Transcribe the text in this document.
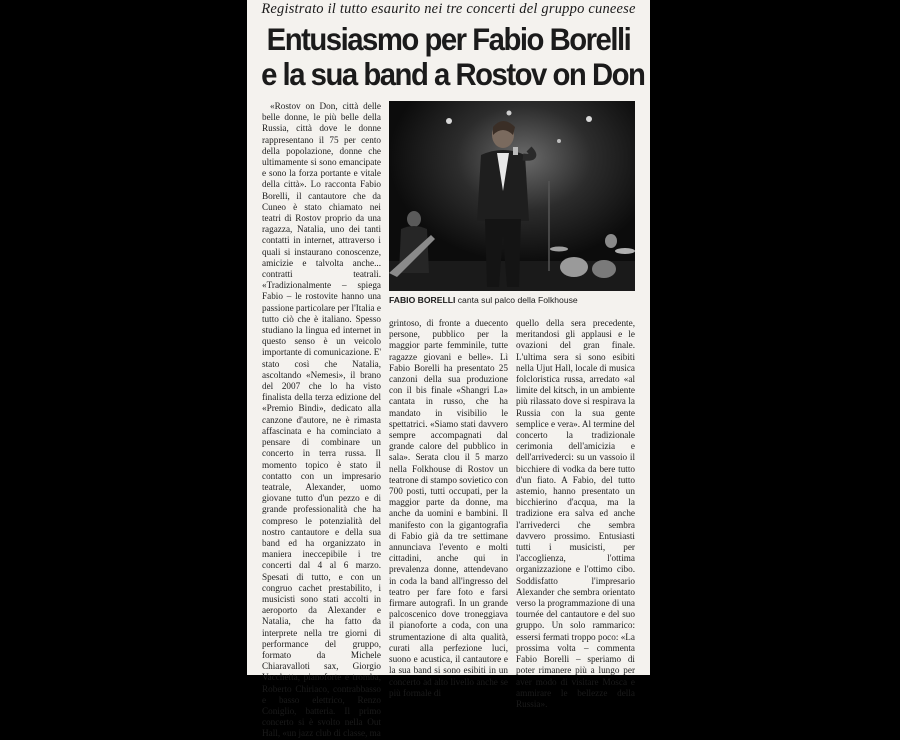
Registrato il tutto esaurito nei tre concerti del gruppo cuneese
Entusiasmo per Fabio Borelli
e la sua band a Rostov on Don

«Rostov on Don, città delle belle donne, le più belle della Russia, città dove le donne rappresentano il 75 per cento della popolazione, donne che ultimamente si sono emancipate e sono la forza portante e vitale della città». Lo racconta Fabio Borelli, il cantautore che da Cuneo è stato chiamato nei teatri di Rostov proprio da una ragazza, Natalia, uno dei tanti contatti in internet, attraverso i quali si instaurano conoscenze, amicizie e talvolta anche... contratti teatrali. «Tradizionalmente – spiega Fabio – le rostovite hanno una passione particolare per l'Italia e tutto ciò che è italiano. Spesso studiano la lingua ed internet in questo senso è un veicolo importante di comunicazione. E' stato così che Natalia, ascoltando «Nemesi», il brano del 2007 che lo ha visto finalista della terza edizione del «Premio Bindi», dedicato alla canzone d'autore, ne è rimasta affascinata e ha cominciato a pensare di combinare un concerto in terra russa. Il momento topico è stato il contatto con un impresario teatrale, Alexander, uomo giovane tutto d'un pezzo e di grande professionalità che ha compreso le potenzialità del nostro cantautore e della sua band ed ha organizzato in maniera ineccepibile i tre concerti dal 4 al 6 marzo. Spesati di tutto, e con un congruo cachet prestabilito, i musicisti sono stati accolti in aeroporto da Alexander e Natalia, che ha fatto da interprete nella tre giorni di performance del gruppo, formato da Michele Chiaravalloti sax, Giorgio Vacchetta, pianoforte e tromba, Roberto Chiriaco, contrabbasso e basso elettrico, Renzo Coniglio, batteria. Il primo concerto si è svolto nella Out Hall, «un jazz club di classe, ma

FABIO BORELLI canta sul palco della Folkhouse

grintoso, di fronte a duecento persone, pubblico per la maggior parte femminile, tutte ragazze giovani e belle». Lì Fabio Borelli ha presentato 25 canzoni della sua produzione con il bis finale «Shangri La» cantata in russo, che ha mandato in visibilio le spettatrici. «Siamo stati davvero sempre accompagnati dal grande calore del pubblico in sala». Serata clou il 5 marzo nella Folkhouse di Rostov un teatrone di stampo sovietico con 700 posti, tutti occupati, per la maggior parte da donne, ma anche da uomini e bambini. Il manifesto con la gigantografia di Fabio già da tre settimane annunciava l'evento e molti cittadini, anche qui in prevalenza donne, attendevano in coda la band all'ingresso del teatro per fare foto e farsi firmare autografi. In un grande palcoscenico dove troneggiava il pianoforte a coda, con una strumentazione di alta qualità, curati alla perfezione luci, suono e acustica, il cantautore e la sua band si sono esibiti in un concerto ad alto livello anche se più formale di

quello della sera precedente, meritandosi gli applausi e le ovazioni del gran finale. L'ultima sera si sono esibiti nella Ujut Hall, locale di musica folcloristica russa, arredato «al limite del kitsch, in un ambiente più rilassato dove si respirava la Russia con la sua gente semplice e vera». Al termine del concerto la tradizionale cerimonia dell'amicizia e dell'arrivederci: su un vassoio il bicchiere di vodka da bere tutto d'un fiato. A Fabio, del tutto astemio, hanno presentato un bicchierino d'acqua, ma la tradizione era salva ed anche l'arrivederci che sembra davvero prossimo. Entusiasti tutti i musicisti, per l'accoglienza, l'ottima organizzazione e l'ottimo cibo. Soddisfatto l'impresario Alexander che sembra orientato verso la programmazione di una tournée del cantautore e del suo gruppo. Un solo rammarico: essersi fermati troppo poco: «La prossima volta – commenta Fabio Borelli – speriamo di poter rimanere più a lungo per aver modo di visitare Mosca e ammirare le bellezze della Russia».
